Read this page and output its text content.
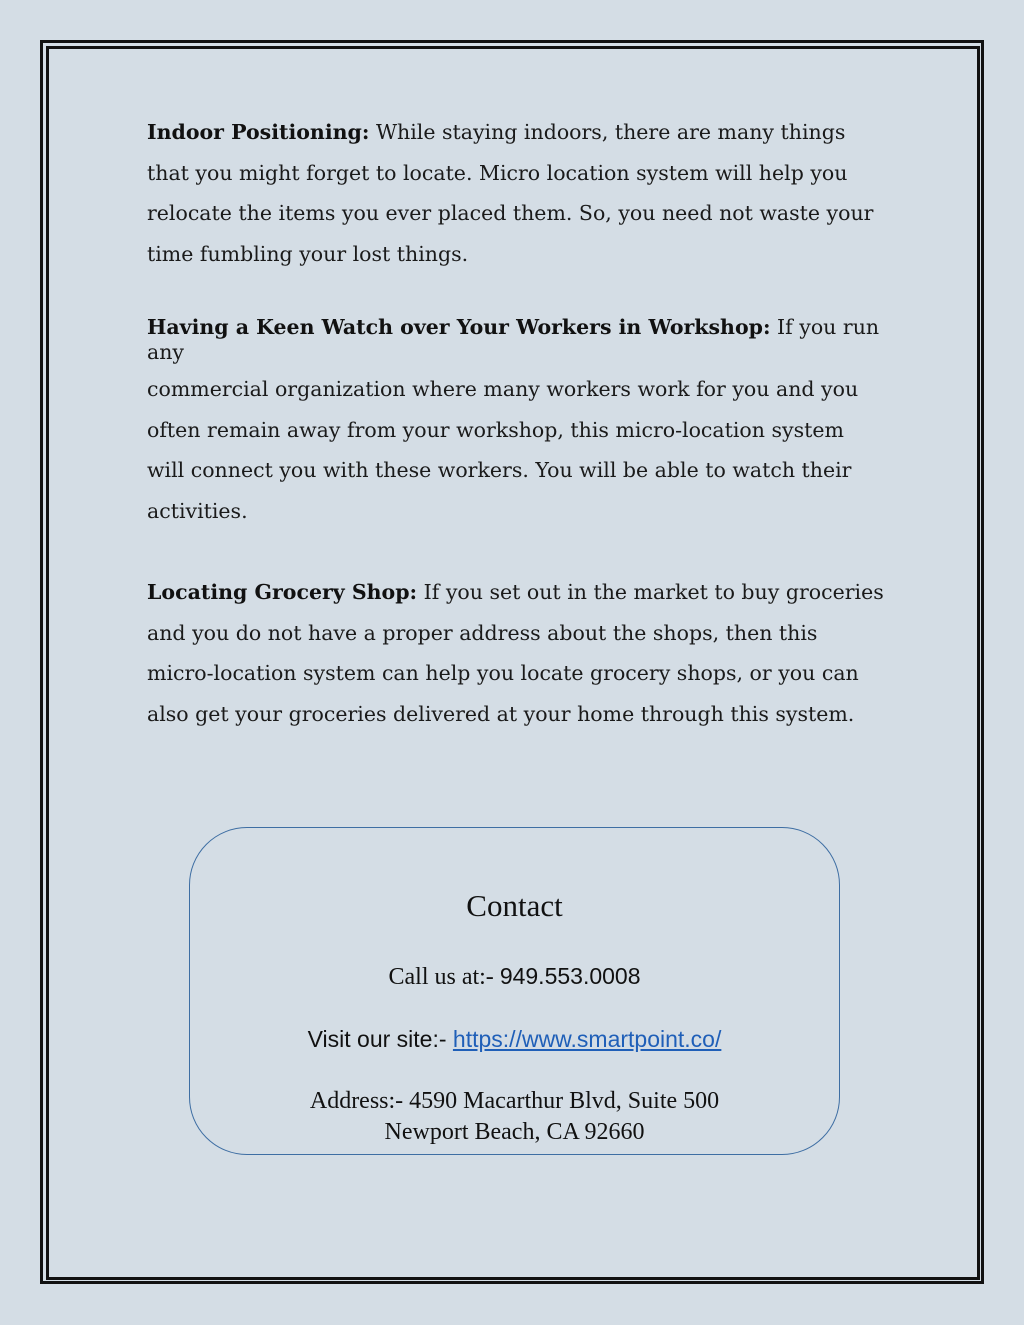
Indoor Positioning: While staying indoors, there are many things that you might forget to locate. Micro location system will help you relocate the items you ever placed them. So, you need not waste your time fumbling your lost things.

Having a Keen Watch over Your Workers in Workshop: If you run any

commercial organization where many workers work for you and you often remain away from your workshop, this micro-location system will connect you with these workers. You will be able to watch their activities.

Locating Grocery Shop: If you set out in the market to buy groceries and you do not have a proper address about the shops, then this micro-location system can help you locate grocery shops, or you can also get your groceries delivered at your home through this system.

Contact

Call us at:- 949.553.0008

Visit our site:- https://www.smartpoint.co/

Address:- 4590 Macarthur Blvd, Suite 500
Newport Beach, CA 92660
